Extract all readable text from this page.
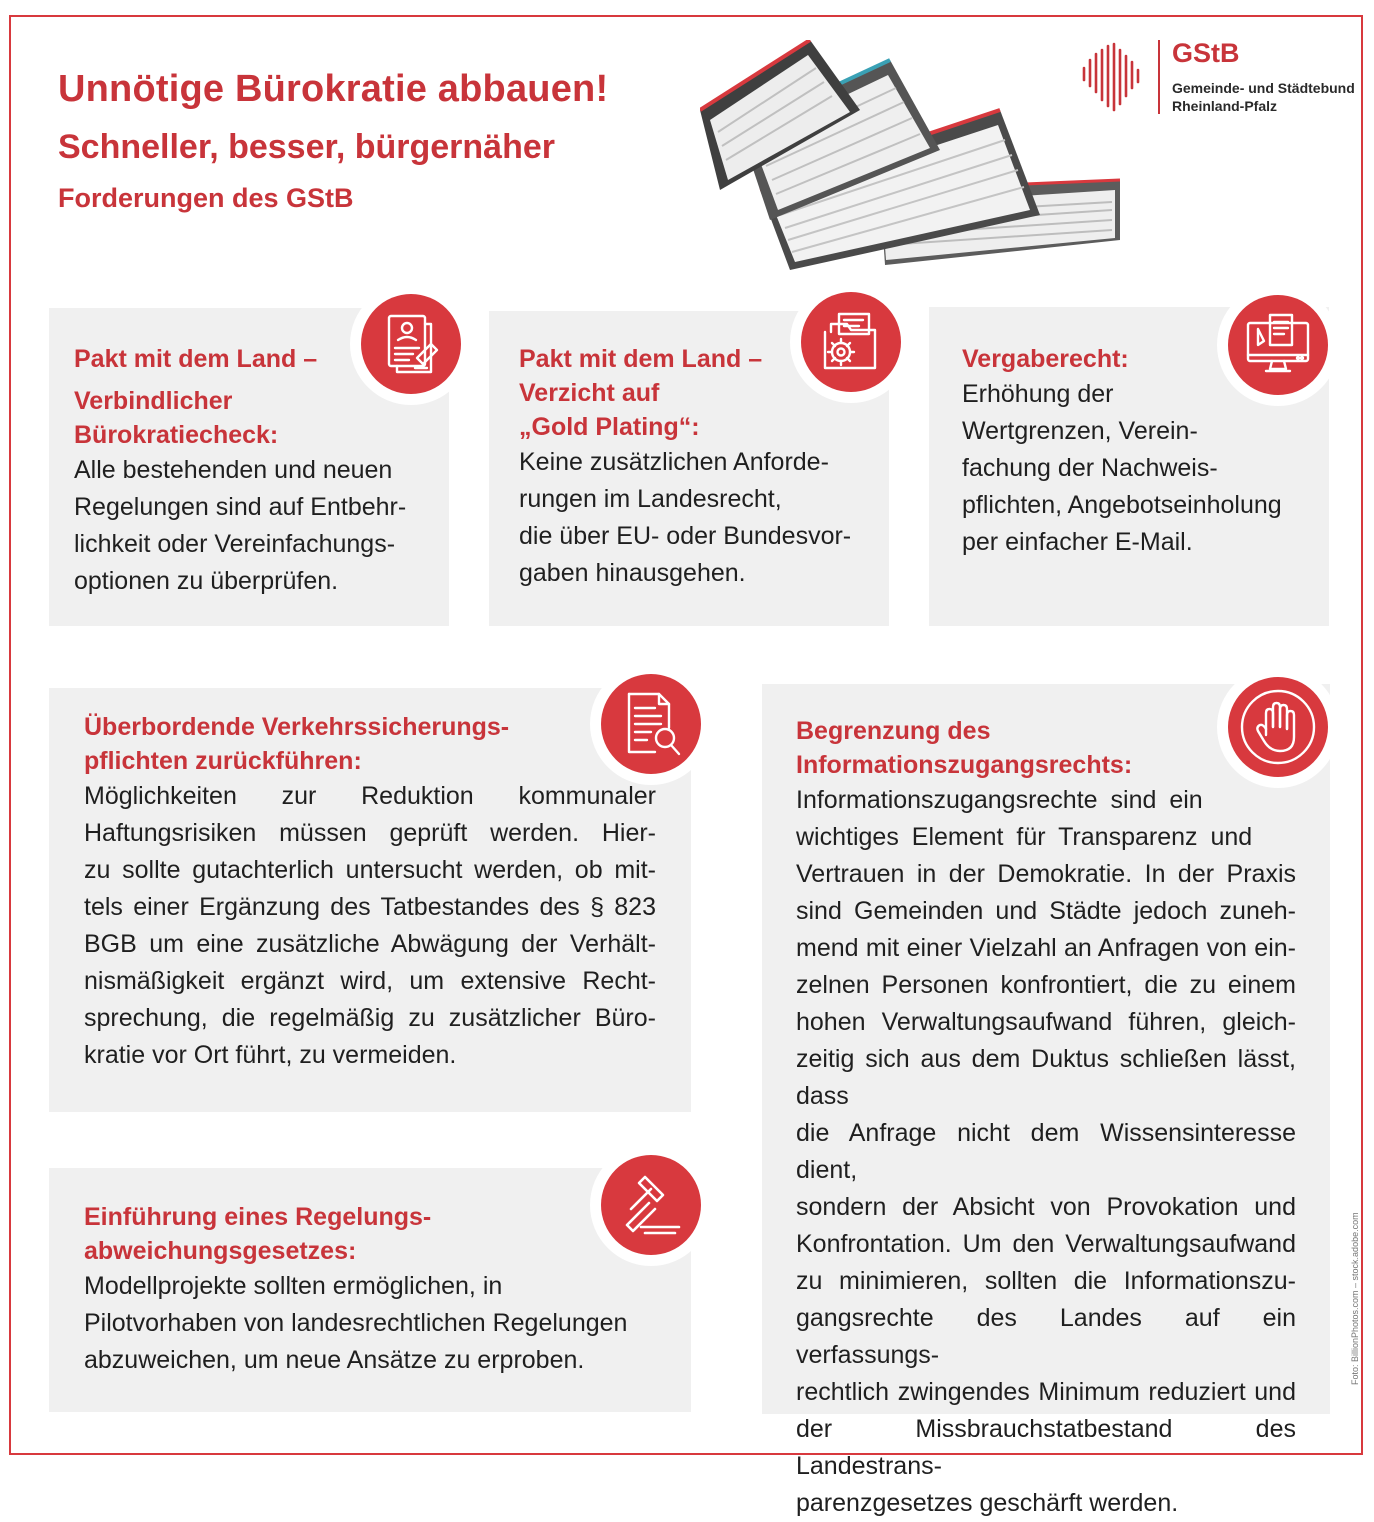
Unnötige Bürokratie abbauen!
Schneller, besser, bürgernäher
Forderungen des GStB
GStB
Gemeinde- und Städtebund
Rheinland-Pfalz

Pakt mit dem Land –

Verbindlicher

Bürokratiecheck:

Alle bestehenden und neuen

Regelungen sind auf Entbehr-

lichkeit oder Vereinfachungs-

optionen zu überprüfen.

Pakt mit dem Land –

Verzicht auf

„Gold Plating“:

Keine zusätzlichen Anforde-

rungen im Landesrecht,

die über EU- oder Bundesvor-

gaben hinausgehen.

Vergaberecht:

Erhöhung der

Wertgrenzen, Verein-

fachung der Nachweis-

pflichten, Angebotseinholung

per einfacher E-Mail.

Überbordende Verkehrssicherungs-

pflichten zurückführen:

Möglichkeiten zur Reduktion kommunaler

Haftungsrisiken müssen geprüft werden. Hier-

zu sollte gutachterlich untersucht werden, ob mit-

tels einer Ergänzung des Tatbestandes des § 823

BGB um eine zusätzliche Abwägung der Verhält-

nismäßigkeit ergänzt wird, um extensive Recht-

sprechung, die regelmäßig zu zusätzlicher Büro-

kratie vor Ort führt, zu vermeiden.

Begrenzung des

Informationszugangsrechts:

Informationszugangsrechte sind ein

wichtiges Element für Transparenz und

Vertrauen in der Demokratie. In der Praxis

sind Gemeinden und Städte jedoch zuneh-

mend mit einer Vielzahl an Anfragen von ein-

zelnen Personen konfrontiert, die zu einem

hohen Verwaltungsaufwand führen, gleich-

zeitig sich aus dem Duktus schließen lässt, dass

die Anfrage nicht dem Wissensinteresse dient,

sondern der Absicht von Provokation und

Konfrontation. Um den Verwaltungsaufwand

zu minimieren, sollten die Informationszu-

gangsrechte des Landes auf ein verfassungs-

rechtlich zwingendes Minimum reduziert und

der Missbrauchstatbestand des Landestrans-

parenzgesetzes geschärft werden.

Einführung eines Regelungs-

abweichungsgesetzes:

Modellprojekte sollten ermöglichen, in

Pilotvorhaben von landesrechtlichen Regelungen

abzuweichen, um neue Ansätze zu erproben.	Foto: BillionPhotos.com – stock.adobe.com
